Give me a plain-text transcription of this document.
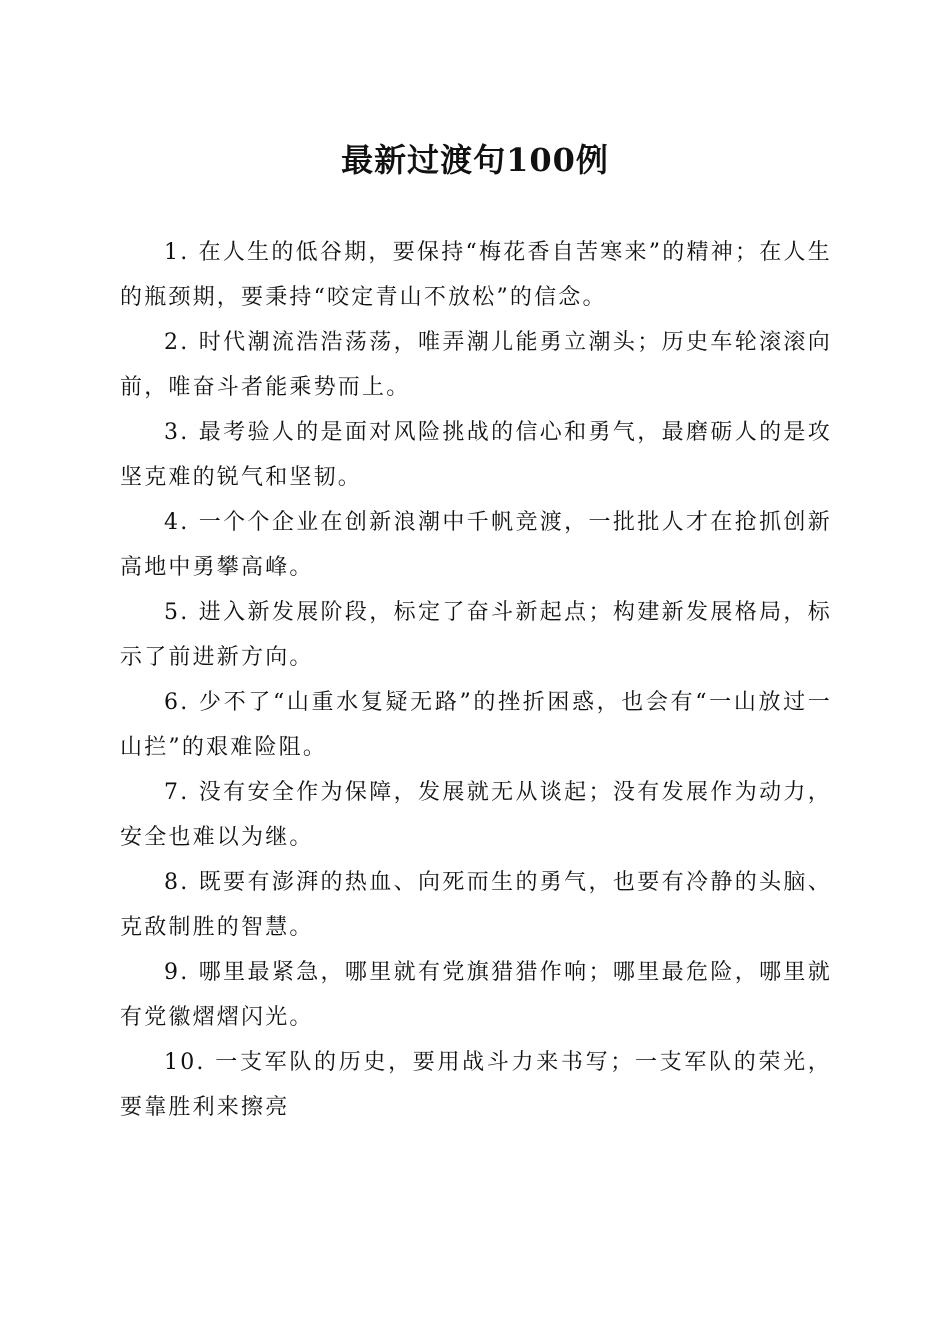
最新过渡句100例

1. 在人生的低谷期，要保持“梅花香自苦寒来”的精神；在人生的瓶颈期，要秉持“咬定青山不放松”的信念。

2. 时代潮流浩浩荡荡，唯弄潮儿能勇立潮头；历史车轮滚滚向前，唯奋斗者能乘势而上。

3. 最考验人的是面对风险挑战的信心和勇气，最磨砺人的是攻坚克难的锐气和坚韧。

4. 一个个企业在创新浪潮中千帆竞渡，一批批人才在抢抓创新高地中勇攀高峰。

5. 进入新发展阶段，标定了奋斗新起点；构建新发展格局，标示了前进新方向。

6. 少不了“山重水复疑无路”的挫折困惑，也会有“一山放过一山拦”的艰难险阻。

7. 没有安全作为保障，发展就无从谈起；没有发展作为动力，安全也难以为继。

8. 既要有澎湃的热血、向死而生的勇气，也要有冷静的头脑、克敌制胜的智慧。

9. 哪里最紧急，哪里就有党旗猎猎作响；哪里最危险，哪里就有党徽熠熠闪光。

10. 一支军队的历史，要用战斗力来书写；一支军队的荣光，要靠胜利来擦亮
